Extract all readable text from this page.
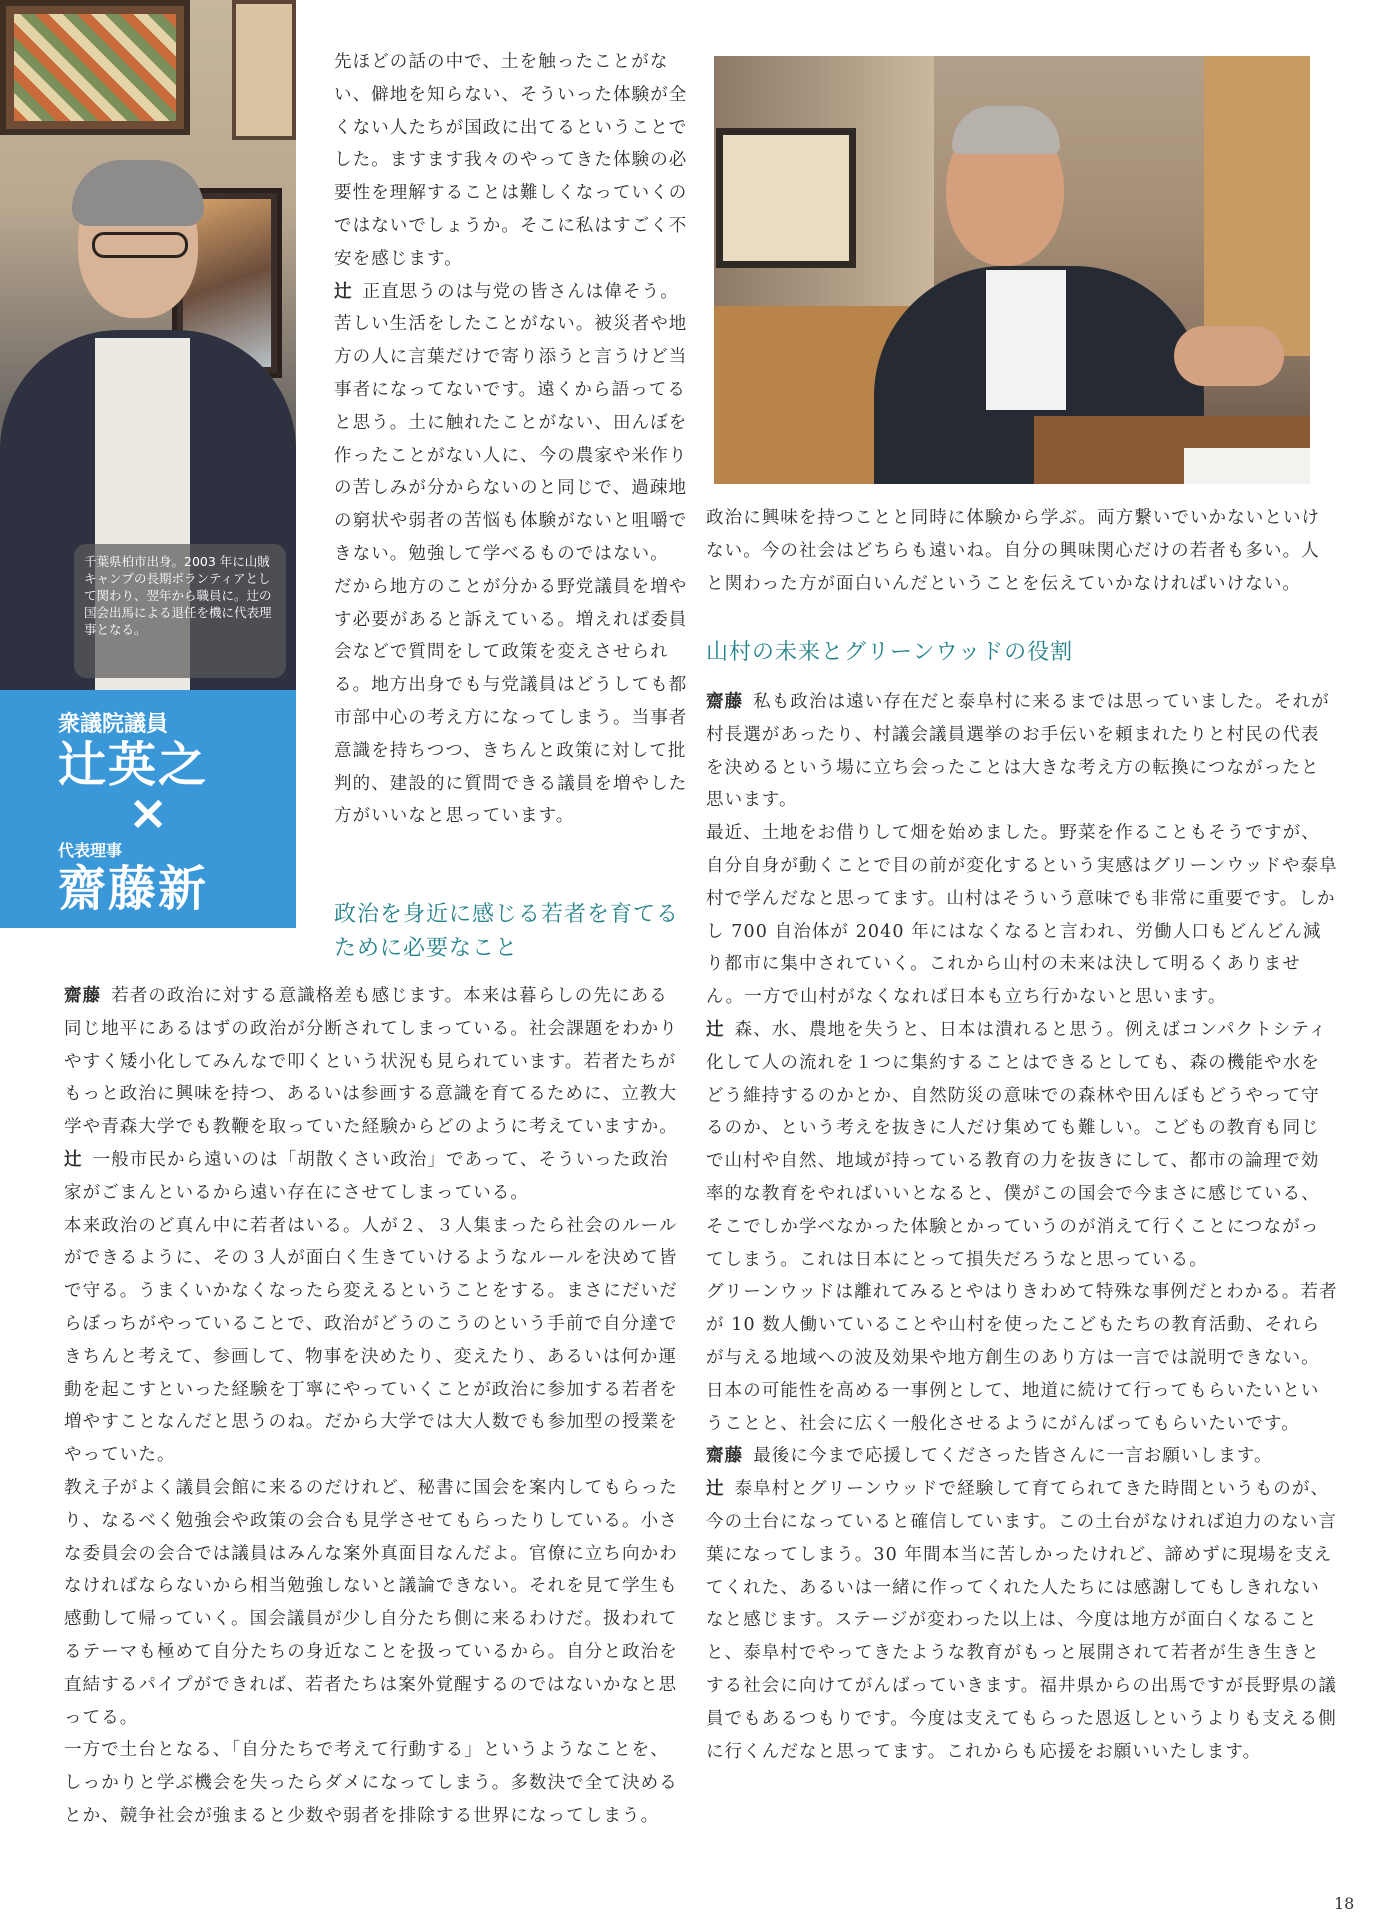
千葉県柏市出身。2003 年に山賊キャンプの長期ボランティアとして関わり、翌年から職員に。辻の国会出馬による退任を機に代表理事となる。
衆議院議員
辻英之
×
代表理事
齋藤新

先ほどの話の中で、土を触ったことがない、僻地を知らない、そういった体験が全くない人たちが国政に出てるということでした。ますます我々のやってきた体験の必要性を理解することは難しくなっていくのではないでしょうか。そこに私はすごく不安を感じます。

辻 正直思うのは与党の皆さんは偉そう。苦しい生活をしたことがない。被災者や地方の人に言葉だけで寄り添うと言うけど当事者になってないです。遠くから語ってると思う。土に触れたことがない、田んぼを作ったことがない人に、今の農家や米作りの苦しみが分からないのと同じで、過疎地の窮状や弱者の苦悩も体験がないと咀嚼できない。勉強して学べるものではない。

だから地方のことが分かる野党議員を増やす必要があると訴えている。増えれば委員会などで質問をして政策を変えさせられる。地方出身でも与党議員はどうしても都市部中心の考え方になってしまう。当事者意識を持ちつつ、きちんと政策に対して批判的、建設的に質問できる議員を増やした方がいいなと思っています。

政治を身近に感じる若者を育てるために必要なこと

齋藤 若者の政治に対する意識格差も感じます。本来は暮らしの先にある同じ地平にあるはずの政治が分断されてしまっている。社会課題をわかりやすく矮小化してみんなで叩くという状況も見られています。若者たちがもっと政治に興味を持つ、あるいは参画する意識を育てるために、立教大学や青森大学でも教鞭を取っていた経験からどのように考えていますか。

辻 一般市民から遠いのは「胡散くさい政治」であって、そういった政治家がごまんといるから遠い存在にさせてしまっている。

本来政治のど真ん中に若者はいる。人が２、３人集まったら社会のルールができるように、その３人が面白く生きていけるようなルールを決めて皆で守る。うまくいかなくなったら変えるということをする。まさにだいだらぼっちがやっていることで、政治がどうのこうのという手前で自分達できちんと考えて、参画して、物事を決めたり、変えたり、あるいは何か運動を起こすといった経験を丁寧にやっていくことが政治に参加する若者を増やすことなんだと思うのね。だから大学では大人数でも参加型の授業をやっていた。

教え子がよく議員会館に来るのだけれど、秘書に国会を案内してもらったり、なるべく勉強会や政策の会合も見学させてもらったりしている。小さな委員会の会合では議員はみんな案外真面目なんだよ。官僚に立ち向かわなければならないから相当勉強しないと議論できない。それを見て学生も感動して帰っていく。国会議員が少し自分たち側に来るわけだ。扱われてるテーマも極めて自分たちの身近なことを扱っているから。自分と政治を直結するパイプができれば、若者たちは案外覚醒するのではないかなと思ってる。

一方で土台となる、「自分たちで考えて行動する」というようなことを、しっかりと学ぶ機会を失ったらダメになってしまう。多数決で全て決めるとか、競争社会が強まると少数や弱者を排除する世界になってしまう。

政治に興味を持つことと同時に体験から学ぶ。両方繋いでいかないといけない。今の社会はどちらも遠いね。自分の興味関心だけの若者も多い。人と関わった方が面白いんだということを伝えていかなければいけない。

山村の未来とグリーンウッドの役割

齋藤 私も政治は遠い存在だと泰阜村に来るまでは思っていました。それが村長選があったり、村議会議員選挙のお手伝いを頼まれたりと村民の代表を決めるという場に立ち会ったことは大きな考え方の転換につながったと思います。

最近、土地をお借りして畑を始めました。野菜を作ることもそうですが、自分自身が動くことで目の前が変化するという実感はグリーンウッドや泰阜村で学んだなと思ってます。山村はそういう意味でも非常に重要です。しかし 700 自治体が 2040 年にはなくなると言われ、労働人口もどんどん減り都市に集中されていく。これから山村の未来は決して明るくありません。一方で山村がなくなれば日本も立ち行かないと思います。

辻 森、水、農地を失うと、日本は潰れると思う。例えばコンパクトシティ化して人の流れを１つに集約することはできるとしても、森の機能や水をどう維持するのかとか、自然防災の意味での森林や田んぼもどうやって守るのか、という考えを抜きに人だけ集めても難しい。こどもの教育も同じで山村や自然、地域が持っている教育の力を抜きにして、都市の論理で効率的な教育をやればいいとなると、僕がこの国会で今まさに感じている、そこでしか学べなかった体験とかっていうのが消えて行くことにつながってしまう。これは日本にとって損失だろうなと思っている。

グリーンウッドは離れてみるとやはりきわめて特殊な事例だとわかる。若者が 10 数人働いていることや山村を使ったこどもたちの教育活動、それらが与える地域への波及効果や地方創生のあり方は一言では説明できない。日本の可能性を高める一事例として、地道に続けて行ってもらいたいということと、社会に広く一般化させるようにがんばってもらいたいです。

齋藤 最後に今まで応援してくださった皆さんに一言お願いします。

辻 泰阜村とグリーンウッドで経験して育てられてきた時間というものが、今の土台になっていると確信しています。この土台がなければ迫力のない言葉になってしまう。30 年間本当に苦しかったけれど、諦めずに現場を支えてくれた、あるいは一緒に作ってくれた人たちには感謝してもしきれないなと感じます。ステージが変わった以上は、今度は地方が面白くなることと、泰阜村でやってきたような教育がもっと展開されて若者が生き生きとする社会に向けてがんばっていきます。福井県からの出馬ですが長野県の議員でもあるつもりです。今度は支えてもらった恩返しというよりも支える側に行くんだなと思ってます。これからも応援をお願いいたします。

18
